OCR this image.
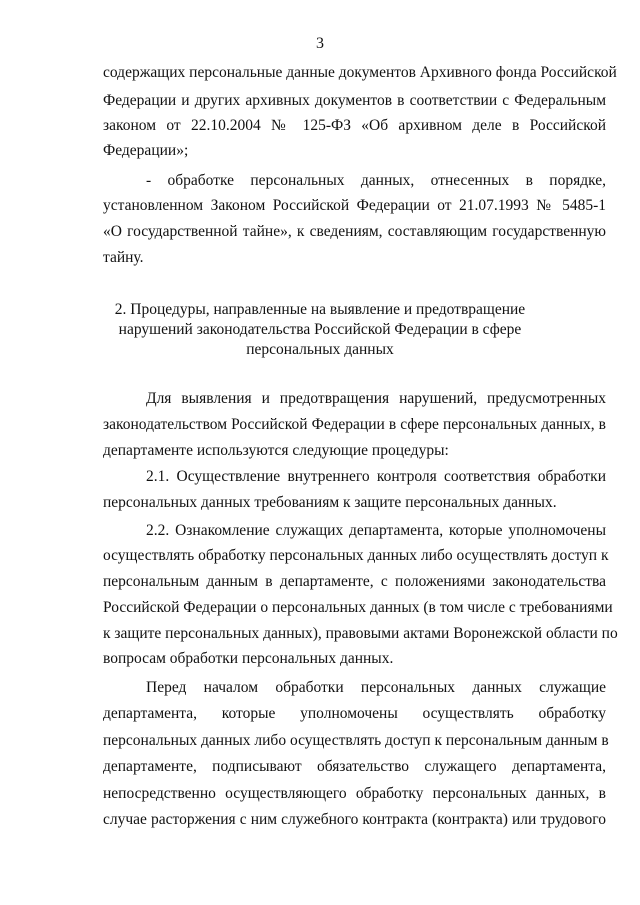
3
содержащих персональные данные документов Архивного фонда Российской
Федерации и других архивных документов в соответствии с Федеральным
законом от 22.10.2004 № 125-ФЗ «Об архивном деле в Российской
Федерации»;
- обработке персональных данных, отнесенных в порядке,
установленном Законом Российской Федерации от 21.07.1993 № 5485-1
«О государственной тайне», к сведениям, составляющим государственную
тайну.
2. Процедуры, направленные на выявление и предотвращение
нарушений законодательства Российской Федерации в сфере
персональных данных
Для выявления и предотвращения нарушений, предусмотренных
законодательством Российской Федерации в сфере персональных данных, в
департаменте используются следующие процедуры:
2.1. Осуществление внутреннего контроля соответствия обработки
персональных данных требованиям к защите персональных данных.
2.2. Ознакомление служащих департамента, которые уполномочены
осуществлять обработку персональных данных либо осуществлять доступ к
персональным данным в департаменте, с положениями законодательства
Российской Федерации о персональных данных (в том числе с требованиями
к защите персональных данных), правовыми актами Воронежской области по
вопросам обработки персональных данных.
Перед началом обработки персональных данных служащие
департамента, которые уполномочены осуществлять обработку
персональных данных либо осуществлять доступ к персональным данным в
департаменте, подписывают обязательство служащего департамента,
непосредственно осуществляющего обработку персональных данных, в
случае расторжения с ним служебного контракта (контракта) или трудового
